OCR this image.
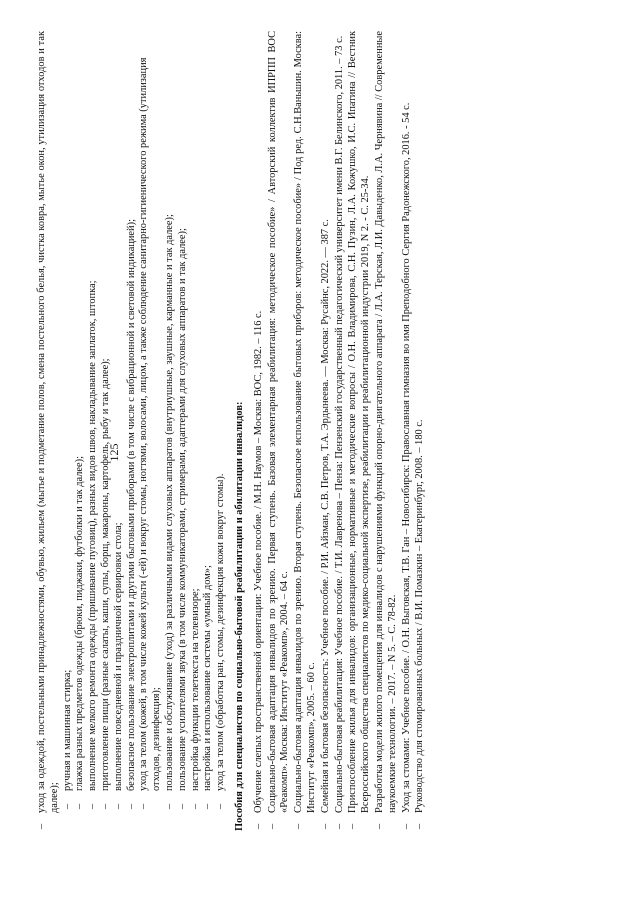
–
уход за одеждой, постельными принадлежностями, обувью, жильем (мытье и подметание полов, смена постельного белья, чистка ковра, мытье окон, утилизация отходов и так далее); –
ручная и машинная стирка;

–
глажка разных предметов одежды (брюки, пиджаки, футболки и так далее);

–
выполнение мелкого ремонта одежды (пришивание пуговиц), разных видов швов, накладывание заплаток, штопка;

–
приготовление пищи (разные салаты, каши, супы, борщ, макароны, картофель, рыбу и так далее);

–
выполнение повседневной и праздничной сервировки стола;

–
безопасное пользование электроплитами и другими бытовыми приборами (в том числе с вибрационной и световой индикацией);

–
уход за телом (кожей, в том числе кожей культи (-ей) и вокруг стомы, ногтями, волосами, лицом, а также соблюдение санитарно-гигиенического режима (утилизация отходов, дезинфекция);

–
пользование и обслуживание (уход) за различными видами слуховых аппаратов (внутриушные, заушные, карманные и так далее);

–
пользование усилителями звука (в том числе коммуникаторами, стримерами, адаптерами для слуховых аппаратов и так далее);

–
настройка функции телетекста на телевизоре;

–
настройка и использование системы «умный дом»;

–
уход за телом (обработка ран, стомы, дезинфекция кожи вокруг стомы). Пособия для специалистов по социально-бытовой реабилитации и абилитации инвалидов: –
Обучение слепых пространственной ориентации: Учебное пособие. / М.Н. Наумов – Москва: ВОС, 1982. – 116 с.

–
Социально-бытовая адаптация инвалидов по зрению. Первая ступень. Базовая элементарная реабилитация: методическое пособие» / Авторский коллектив ИПРПП ВОС «Реакомп». Москва: Институт «Реакомп», 2004. – 64 с.

–
Социально-бытовая адаптация инвалидов по зрению. Вторая ступень. Безопасное использование бытовых приборов: методическое пособие» / Под ред. С.Н.Ваньшин. Москва: Институт «Реакомп», 2005. – 60 с.

–
Семейная и бытовая безопасность: Учебное пособие. / Р.И. Айзман, С.В. Петров, Т.А. Эрдынеева. — Москва: Русайнс, 2022. — 387 с.

–
Социально-бытовая реабилитация: Учебное пособие. / Т.И. Лавренова – Пенза: Пензенский государственный педагогический университет имени В.Г. Белинского, 2011. – 73 с.

–
Приспособление жилья для инвалидов: организационные, нормативные и методические вопросы / О.Н. Владимирова, С.Н. Пузин, Л.А. Кожушко, И.С. Ипатина // Вестник Всероссийского общества специалистов по медико-социальной экспертизе, реабилитации и реабилитационной индустрии 2019, N 2. - С. 25-34.

–
Разработка модели жилого помещения для инвалидов с нарушениями функций опорно-двигательного аппарата / Л.А. Терская, Л.И. Давыденко, Л.А. Чернявина // Современные наукоемкие технологии. – 2017. – N 5. – С. 78-82.

–
Уход за стомами: Учебное пособие. / О.Н. Выговская, Т.В. Ган – Новосибирск: Православная гимназия во имя Преподобного Сергия Радонежского, 2016. - 54 с.

–
Руководство для стомированных больных / В.И. Помазкин – Екатеринбург, 2008. – 180 с.

125
